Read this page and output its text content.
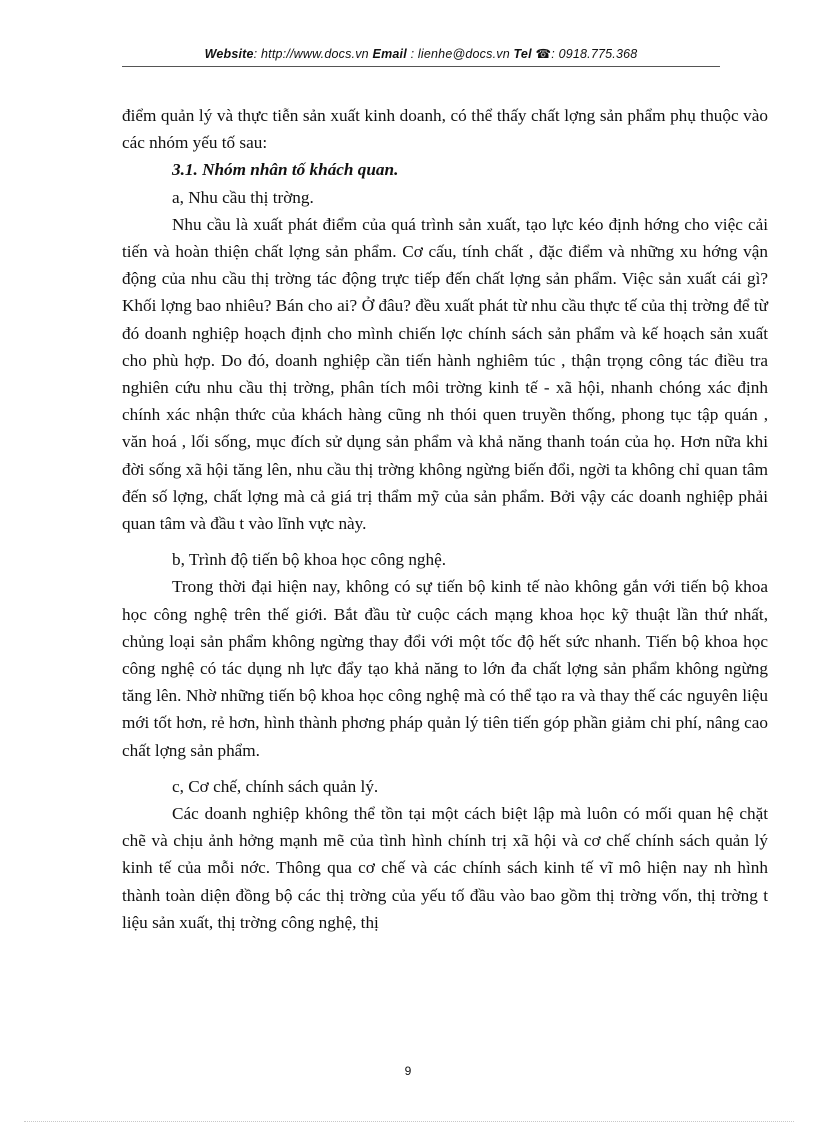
Website: http://www.docs.vn Email : lienhe@docs.vn Tel ☎: 0918.775.368

điểm quản lý và thực tiễn sản xuất kinh doanh, có thể thấy chất lợng sản phẩm phụ thuộc vào các nhóm yếu tố sau:

3.1. Nhóm nhân tố khách quan.

a, Nhu cầu thị trờng.

Nhu cầu là xuất phát điểm của quá trình sản xuất, tạo lực kéo định hớng cho việc cải tiến và hoàn thiện chất lợng sản phẩm. Cơ cấu, tính chất , đặc điểm và những xu hớng vận động của nhu cầu thị trờng tác động trực tiếp đến chất lợng sản phẩm. Việc sản xuất cái gì? Khối lợng bao nhiêu? Bán cho ai? Ở đâu? đều xuất phát từ nhu cầu thực tế của thị trờng để từ đó doanh nghiệp hoạch định cho mình chiến lợc chính sách sản phẩm và kế hoạch sản xuất cho phù hợp. Do đó, doanh nghiệp cần tiến hành nghiêm túc , thận trọng công tác điều tra nghiên cứu nhu cầu thị trờng, phân tích môi trờng kinh tế - xã hội, nhanh chóng xác định chính xác nhận thức của khách hàng cũng nh thói quen truyền thống, phong tục tập quán , văn hoá , lối sống, mục đích sử dụng sản phẩm và khả năng thanh toán của họ. Hơn nữa khi đời sống xã hội tăng lên, nhu cầu thị trờng không ngừng biến đổi, ngời ta không chỉ quan tâm đến số lợng, chất lợng mà cả giá trị thẩm mỹ của sản phẩm. Bởi vậy các doanh nghiệp phải quan tâm và đầu t vào lĩnh vực này.

b, Trình độ tiến bộ khoa học công nghệ.

Trong thời đại hiện nay, không có sự tiến bộ kinh tế nào không gắn với tiến bộ khoa học công nghệ trên thế giới. Bắt đầu từ cuộc cách mạng khoa học kỹ thuật lần thứ nhất, chủng loại sản phẩm không ngừng thay đổi với một tốc độ hết sức nhanh. Tiến bộ khoa học công nghệ có tác dụng nh lực đẩy tạo khả năng to lớn đa chất lợng sản phẩm không ngừng tăng lên. Nhờ những tiến bộ khoa học công nghệ mà có thể tạo ra và thay thế các nguyên liệu mới tốt hơn, rẻ hơn, hình thành phơng pháp quản lý tiên tiến góp phần giảm chi phí, nâng cao chất lợng sản phẩm.

c, Cơ chế, chính sách quản lý.

Các doanh nghiệp không thể tồn tại một cách biệt lập mà luôn có mối quan hệ chặt chẽ và chịu ảnh hởng mạnh mẽ của tình hình chính trị xã hội và cơ chế chính sách quản lý kinh tế của mỗi nớc. Thông qua cơ chế và các chính sách kinh tế vĩ mô hiện nay nh hình thành toàn diện đồng bộ các thị trờng của yếu tố đầu vào bao gồm thị trờng vốn, thị trờng t liệu sản xuất, thị trờng công nghệ, thị

9
